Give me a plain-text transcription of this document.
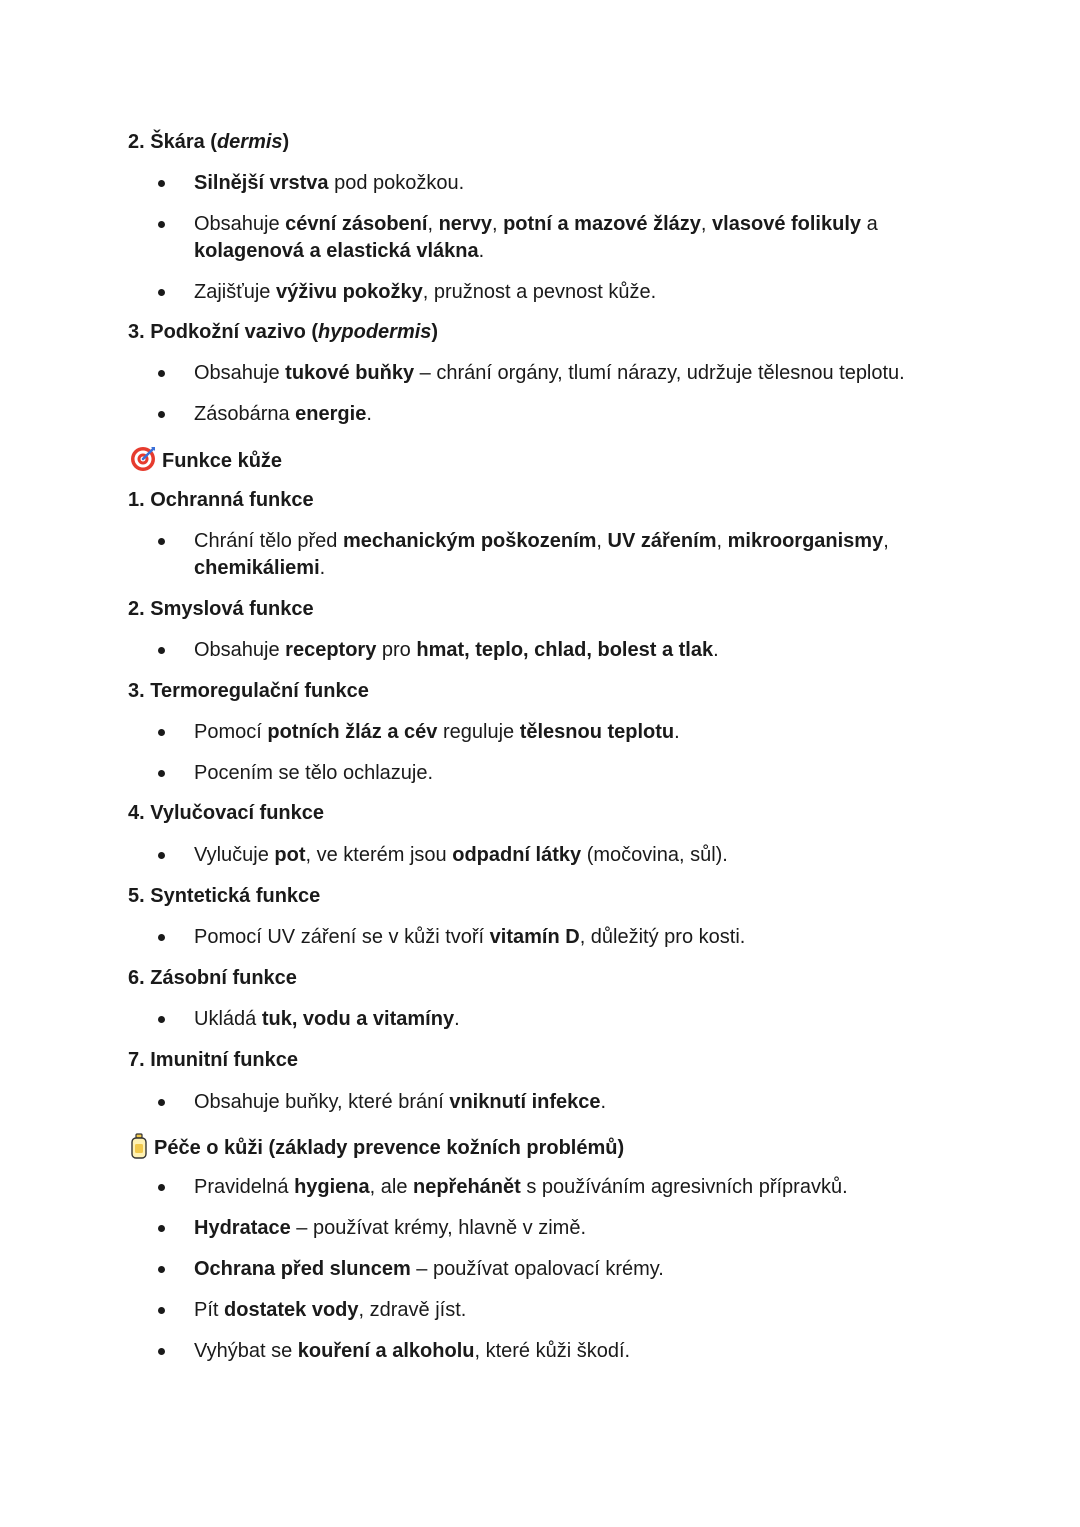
2. Škára (dermis)
Silnější vrstva pod pokožkou.
Obsahuje cévní zásobení, nervy, potní a mazové žlázy, vlasové folikuly a
kolagenová a elastická vlákna.
Zajišťuje výživu pokožky, pružnost a pevnost kůže.
3. Podkožní vazivo (hypodermis)
Obsahuje tukové buňky – chrání orgány, tlumí nárazy, udržuje tělesnou teplotu.
Zásobárna energie.
Funkce kůže
1. Ochranná funkce
Chrání tělo před mechanickým poškozením, UV zářením, mikroorganismy,
chemikáliemi.
2. Smyslová funkce
Obsahuje receptory pro hmat, teplo, chlad, bolest a tlak.
3. Termoregulační funkce
Pomocí potních žláz a cév reguluje tělesnou teplotu.
Pocením se tělo ochlazuje.
4. Vylučovací funkce
Vylučuje pot, ve kterém jsou odpadní látky (močovina, sůl).
5. Syntetická funkce
Pomocí UV záření se v kůži tvoří vitamín D, důležitý pro kosti.
6. Zásobní funkce
Ukládá tuk, vodu a vitamíny.
7. Imunitní funkce
Obsahuje buňky, které brání vniknutí infekce.
Péče o kůži (základy prevence kožních problémů)
Pravidelná hygiena, ale nepřehánět s používáním agresivních přípravků.
Hydratace – používat krémy, hlavně v zimě.
Ochrana před sluncem – používat opalovací krémy.
Pít dostatek vody, zdravě jíst.
Vyhýbat se kouření a alkoholu, které kůži škodí.
